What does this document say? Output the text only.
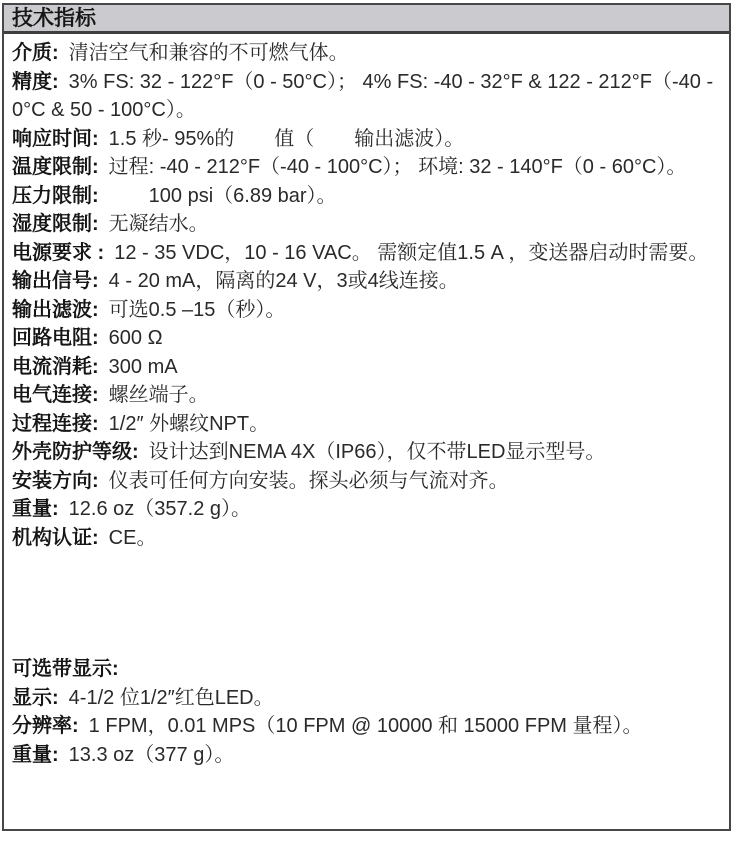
技术指标

介质: 清洁空气和兼容的不可燃气体。

精度: 3% FS: 32 - 122°F（0 - 50°C）； 4% FS: -40 - 32°F & 122 - 212°F（-40 - 0°C & 50 - 100°C）。

响应时间: 1.5 秒- 95%的　　值（　　输出滤波）。

温度限制: 过程: -40 - 212°F（-40 - 100°C）； 环境: 32 - 140°F（0 - 60°C）。

压力限制:　　100 psi（6.89 bar）。

湿度限制: 无凝结水。

电源要求 : 12 - 35 VDC，10 - 16 VAC。 需额定值1.5 A ，变送器启动时需要。

输出信号: 4 - 20 mA，隔离的24 V，3或4线连接。

输出滤波: 可选0.5 –15（秒）。

回路电阻: 600 Ω

电流消耗: 300 mA

电气连接: 螺丝端子。

过程连接: 1/2″ 外螺纹NPT。

外壳防护等级: 设计达到NEMA 4X（IP66），仅不带LED显示型号。

安装方向: 仪表可任何方向安装。探头必须与气流对齐。

重量: 12.6 oz（357.2 g）。

机构认证: CE。

可选带显示:

显示: 4-1/2 位1/2″红色LED。

分辨率: 1 FPM，0.01 MPS（10 FPM @ 10000 和 15000 FPM 量程）。

重量: 13.3 oz（377 g）。
